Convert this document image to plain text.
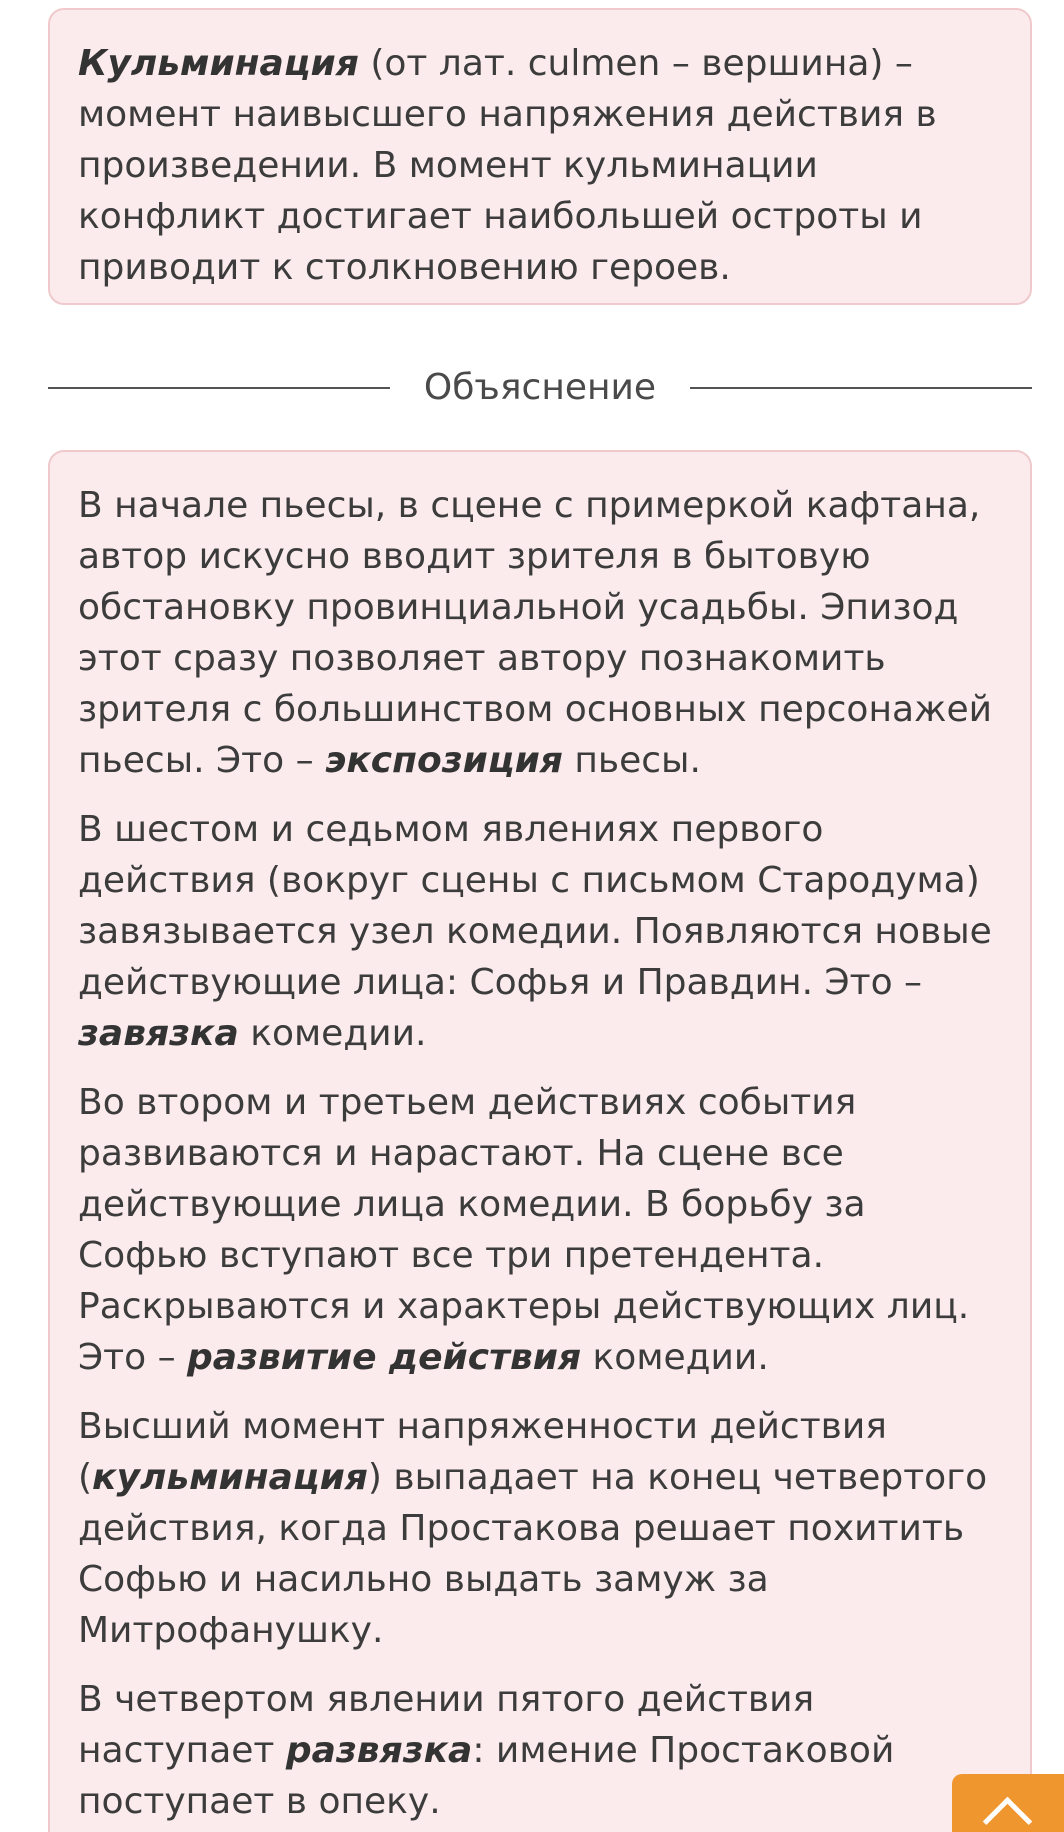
Кульминация (от лат. culmen – вершина) – момент наивысшего напряжения действия в произведении. В момент кульминации конфликт достигает наибольшей остроты и приводит к столкновению героев.

Объяснение

В начале пьесы, в сцене с примеркой кафтана, автор искусно вводит зрителя в бытовую обстановку провинциальной усадьбы. Эпизод этот сразу позволяет автору познакомить зрителя с большинством основных персонажей пьесы. Это – экспозиция пьесы.

В шестом и седьмом явлениях первого действия (вокруг сцены с письмом Стародума) завязывается узел комедии. Появляются новые действующие лица: Софья и Правдин. Это – завязка комедии.

Во втором и третьем действиях события развиваются и нарастают. На сцене все действующие лица комедии. В борьбу за Софью вступают все три претендента. Раскрываются и характеры действующих лиц. Это – развитие действия комедии.

Высший момент напряженности действия (кульминация) выпадает на конец четвертого действия, когда Простакова решает похитить Софью и насильно выдать замуж за Митрофанушку.

В четвертом явлении пятого действия наступает развязка: имение Простаковой поступает в опеку.
